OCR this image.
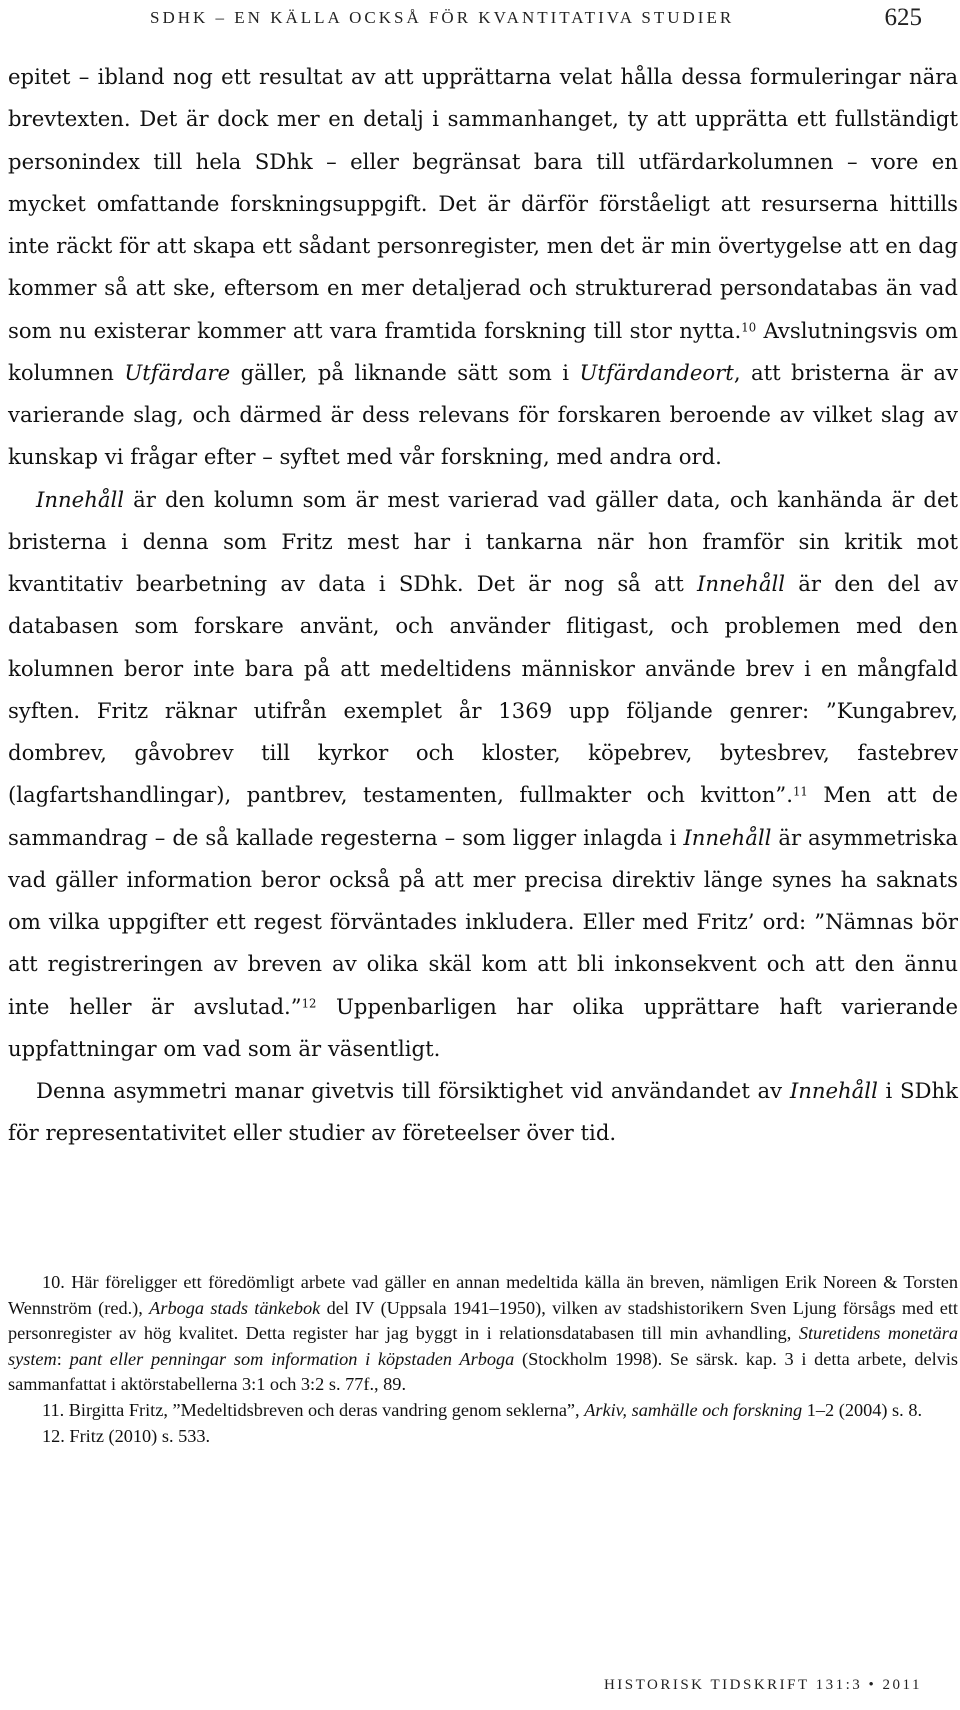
SDHK – EN KÄLLA OCKSÅ FÖR KVANTITATIVA STUDIER	625

epitet – ibland nog ett resultat av att upprättarna velat hålla dessa formuleringar nära brevtexten. Det är dock mer en detalj i sammanhanget, ty att upprätta ett fullständigt personindex till hela SDhk – eller begränsat bara till utfärdarkolumnen – vore en mycket omfattande forskningsuppgift. Det är därför förståeligt att resurserna hittills inte räckt för att skapa ett sådant personregister, men det är min övertygelse att en dag kommer så att ske, eftersom en mer detaljerad och strukturerad persondatabas än vad som nu existerar kommer att vara framtida forskning till stor nytta.$^{10}$ Avslutningsvis om kolumnen Utfärdare gäller, på liknande sätt som i Utfärdandeort, att bristerna är av varierande slag, och därmed är dess relevans för forskaren beroende av vilket slag av kunskap vi frågar efter – syftet med vår forskning, med andra ord.

Innehåll är den kolumn som är mest varierad vad gäller data, och kanhända är det bristerna i denna som Fritz mest har i tankarna när hon framför sin kritik mot kvantitativ bearbetning av data i SDhk. Det är nog så att Innehåll är den del av databasen som forskare använt, och använder flitigast, och problemen med den kolumnen beror inte bara på att medeltidens människor använde brev i en mångfald syften. Fritz räknar utifrån exemplet år 1369 upp följande genrer: ”Kungabrev, dombrev, gåvobrev till kyrkor och kloster, köpebrev, bytesbrev, fastebrev (lagfartshandlingar), pantbrev, testamenten, fullmakter och kvitton”.$^{11}$ Men att de sammandrag – de så kallade regesterna – som ligger inlagda i Innehåll är asymmetriska vad gäller information beror också på att mer precisa direktiv länge synes ha saknats om vilka uppgifter ett regest förväntades inkludera. Eller med Fritz’ ord: ”Nämnas bör att registreringen av breven av olika skäl kom att bli inkonsekvent och att den ännu inte heller är avslutad.”$^{12}$ Uppenbarligen har olika upprättare haft varierande uppfattningar om vad som är väsentligt.

Denna asymmetri manar givetvis till försiktighet vid användandet av Innehåll i SDhk för representativitet eller studier av företeelser över tid.

10. Här föreligger ett föredömligt arbete vad gäller en annan medeltida källa än breven, nämligen Erik Noreen & Torsten Wennström (red.), Arboga stads tänkebok del IV (Uppsala 1941–1950), vilken av stadshistorikern Sven Ljung försågs med ett personregister av hög kvalitet. Detta register har jag byggt in i relationsdatabasen till min avhandling, Sturetidens monetära system: pant eller penningar som information i köpstaden Arboga (Stockholm 1998). Se särsk. kap. 3 i detta arbete, delvis sammanfattat i aktörstabellerna 3:1 och 3:2 s. 77f., 89.

11. Birgitta Fritz, ”Medeltidsbreven och deras vandring genom seklerna”, Arkiv, samhälle och forskning 1–2 (2004) s. 8.

12. Fritz (2010) s. 533.

HISTORISK TIDSKRIFT 131:3 • 2011
